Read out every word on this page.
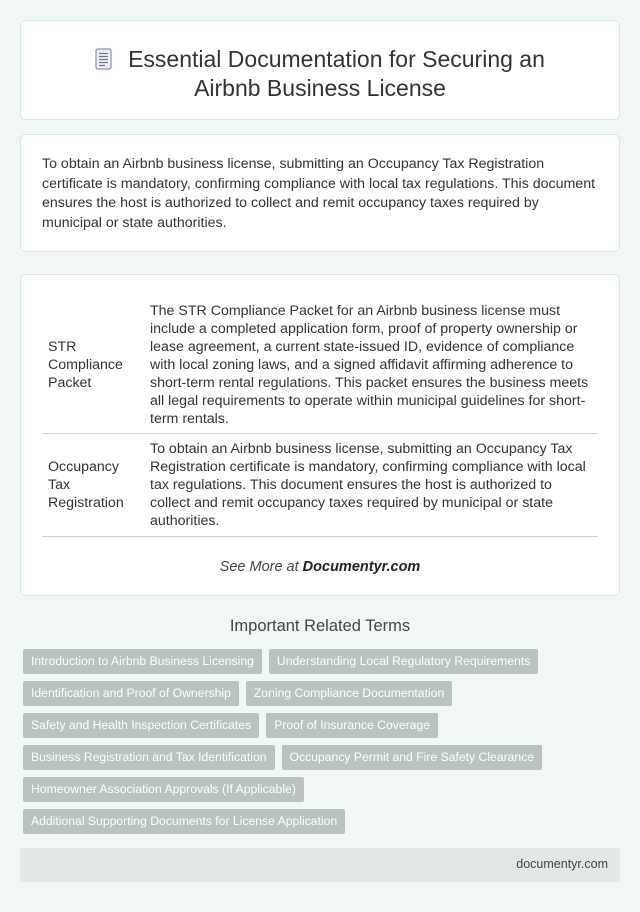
Essential Documentation for Securing an
Airbnb Business License

To obtain an Airbnb business license, submitting an Occupancy Tax Registration certificate is mandatory, confirming compliance with local tax regulations. This document ensures the host is authorized to collect and remit occupancy taxes required by municipal or state authorities.

STR Compliance Packet	The STR Compliance Packet for an Airbnb business license must include a completed application form, proof of property ownership or lease agreement, a current state-issued ID, evidence of compliance with local zoning laws, and a signed affidavit affirming adherence to short-term rental regulations. This packet ensures the business meets all legal requirements to operate within municipal guidelines for short-term rentals.
Occupancy Tax Registration	To obtain an Airbnb business license, submitting an Occupancy Tax Registration certificate is mandatory, confirming compliance with local tax regulations. This document ensures the host is authorized to collect and remit occupancy taxes required by municipal or state authorities.
See More at Documentyr.com
Important Related Terms
Introduction to Airbnb Business Licensing Understanding Local Regulatory Requirements
Identification and Proof of Ownership Zoning Compliance Documentation
Safety and Health Inspection Certificates Proof of Insurance Coverage
Business Registration and Tax Identification Occupancy Permit and Fire Safety Clearance
Homeowner Association Approvals (If Applicable)
Additional Supporting Documents for License Application
documentyr.com
